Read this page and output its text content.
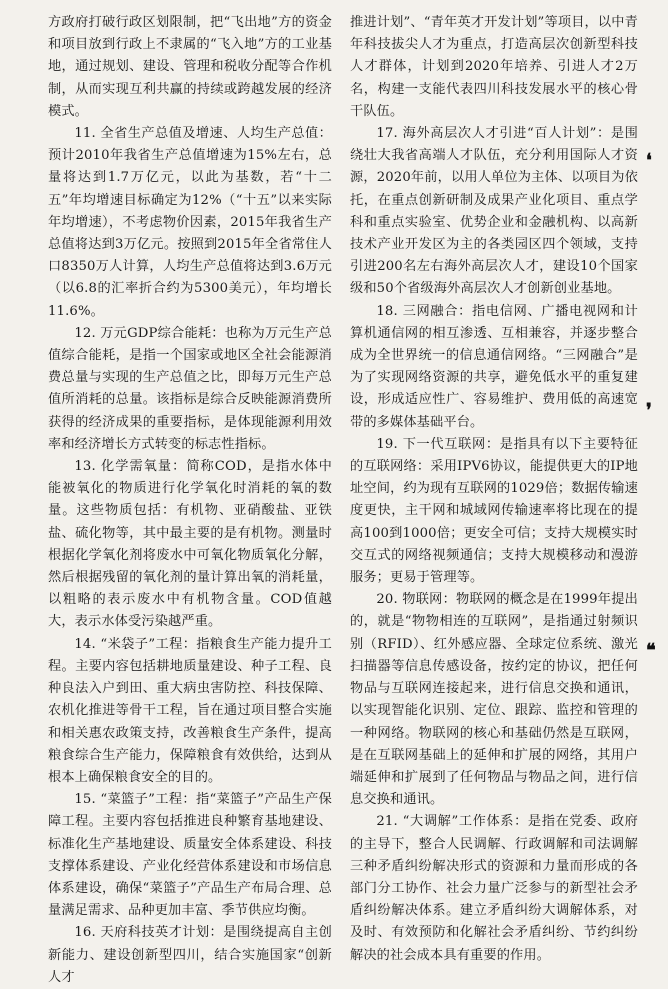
方政府打破行政区划限制，把“飞出地”方的资金和项目放到行政上不隶属的“飞入地”方的工业基地，通过规划、建设、管理和税收分配等合作机制，从而实现互利共赢的持续或跨越发展的经济模式。

11. 全省生产总值及增速、人均生产总值：预计2010年我省生产总值增速为15%左右，总量将达到1.7万亿元，以此为基数，若“十二五”年均增速目标确定为12%（“十五”以来实际年均增速），不考虑物价因素，2015年我省生产总值将达到3万亿元。按照到2015年全省常住人口8350万人计算，人均生产总值将达到3.6万元（以6.8的汇率折合约为5300美元），年均增长11.6%。

12. 万元GDP综合能耗：也称为万元生产总值综合能耗，是指一个国家或地区全社会能源消费总量与实现的生产总值之比，即每万元生产总值所消耗的总量。该指标是综合反映能源消费所获得的经济成果的重要指标，是体现能源利用效率和经济增长方式转变的标志性指标。

13. 化学需氧量：简称COD，是指水体中能被氧化的物质进行化学氧化时消耗的氧的数量。这些物质包括：有机物、亚硝酸盐、亚铁盐、硫化物等，其中最主要的是有机物。测量时根据化学氧化剂将废水中可氧化物质氧化分解，然后根据残留的氧化剂的量计算出氧的消耗量，以粗略的表示废水中有机物含量。COD值越大，表示水体受污染越严重。

14. “米袋子”工程：指粮食生产能力提升工程。主要内容包括耕地质量建设、种子工程、良种良法入户到田、重大病虫害防控、科技保障、农机化推进等骨干工程，旨在通过项目整合实施和相关惠农政策支持，改善粮食生产条件，提高粮食综合生产能力，保障粮食有效供给，达到从根本上确保粮食安全的目的。

15. “菜篮子”工程：指“菜篮子”产品生产保障工程。主要内容包括推进良种繁育基地建设、标准化生产基地建设、质量安全体系建设、科技支撑体系建设、产业化经营体系建设和市场信息体系建设，确保“菜篮子”产品生产布局合理、总量满足需求、品种更加丰富、季节供应均衡。

16. 天府科技英才计划：是围绕提高自主创新能力、建设创新型四川，结合实施国家“创新人才

推进计划”、“青年英才开发计划”等项目，以中青年科技拔尖人才为重点，打造高层次创新型科技人才群体，计划到2020年培养、引进人才2万名，构建一支能代表四川科技发展水平的核心骨干队伍。

17. 海外高层次人才引进“百人计划”：是围绕壮大我省高端人才队伍，充分利用国际人才资源，2020年前，以用人单位为主体、以项目为依托，在重点创新研制及成果产业化项目、重点学科和重点实验室、优势企业和金融机构、以高新技术产业开发区为主的各类园区四个领域，支持引进200名左右海外高层次人才，建设10个国家级和50个省级海外高层次人才创新创业基地。

18. 三网融合：指电信网、广播电视网和计算机通信网的相互渗透、互相兼容，并逐步整合成为全世界统一的信息通信网络。“三网融合”是为了实现网络资源的共享，避免低水平的重复建设，形成适应性广、容易维护、费用低的高速宽带的多媒体基础平台。

19. 下一代互联网：是指具有以下主要特征的互联网络：采用IPV6协议，能提供更大的IP地址空间，约为现有互联网的1029倍；数据传输速度更快，主干网和城域网传输速率将比现在的提高100到1000倍；更安全可信；支持大规模实时交互式的网络视频通信；支持大规模移动和漫游服务；更易于管理等。

20. 物联网：物联网的概念是在1999年提出的，就是“物物相连的互联网”，是指通过射频识别（RFID）、红外感应器、全球定位系统、激光扫描器等信息传感设备，按约定的协议，把任何物品与互联网连接起来，进行信息交换和通讯，以实现智能化识别、定位、跟踪、监控和管理的一种网络。物联网的核心和基础仍然是互联网，是在互联网基础上的延伸和扩展的网络，其用户端延伸和扩展到了任何物品与物品之间，进行信息交换和通讯。

21. “大调解”工作体系：是指在党委、政府的主导下，整合人民调解、行政调解和司法调解三种矛盾纠纷解决形式的资源和力量而形成的各部门分工协作、社会力量广泛参与的新型社会矛盾纠纷解决体系。建立矛盾纠纷大调解体系，对及时、有效预防和化解社会矛盾纠纷、节约纠纷解决的社会成本具有重要的作用。

❛
❜
❝
